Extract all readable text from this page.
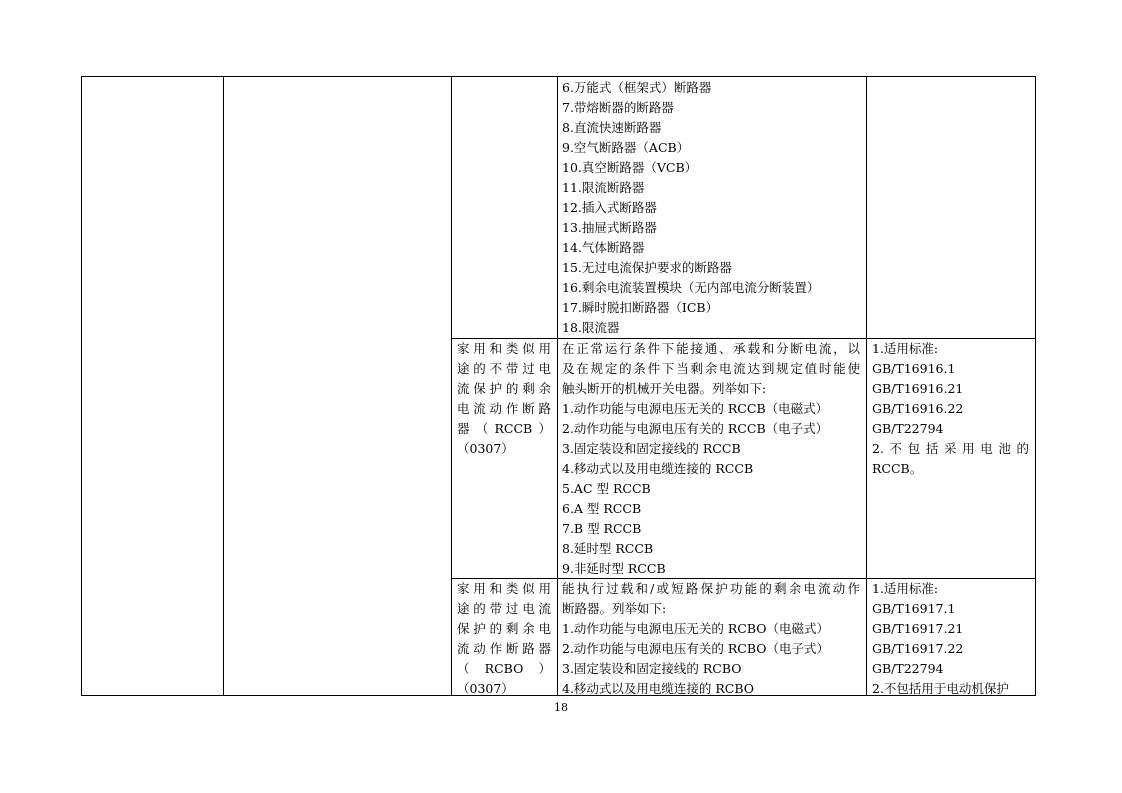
6.万能式（框架式）断路器
7.带熔断器的断路器
8.直流快速断路器
9.空气断路器（ACB）
10.真空断路器（VCB）
11.限流断路器
12.插入式断路器
13.抽屉式断路器
14.气体断路器
15.无过电流保护要求的断路器
16.剩余电流装置模块（无内部电流分断装置）
17.瞬时脱扣断路器（ICB）
18.限流器
家用和类似用
途的不带过电
流保护的剩余
电流动作断路
器（RCCB）
（0307）
在正常运行条件下能接通、承载和分断电流，以
及在规定的条件下当剩余电流达到规定值时能使
触头断开的机械开关电器。列举如下:
1.动作功能与电源电压无关的 RCCB（电磁式）
2.动作功能与电源电压有关的 RCCB（电子式）
3.固定装设和固定接线的 RCCB
4.移动式以及用电缆连接的 RCCB
5.AC 型 RCCB
6.A 型 RCCB
7.B 型 RCCB
8.延时型 RCCB
9.非延时型 RCCB
1.适用标准:
GB/T16916.1
GB/T16916.21
GB/T16916.22
GB/T22794
2.不包括采用电池的
RCCB。
家用和类似用
途的带过电流
保护的剩余电
流动作断路器
（RCBO）
（0307）
能执行过载和/或短路保护功能的剩余电流动作
断路器。列举如下:
1.动作功能与电源电压无关的 RCBO（电磁式）
2.动作功能与电源电压有关的 RCBO（电子式）
3.固定装设和固定接线的 RCBO
4.移动式以及用电缆连接的 RCBO
1.适用标准:
GB/T16917.1
GB/T16917.21
GB/T16917.22
GB/T22794
2.不包括用于电动机保护
18
